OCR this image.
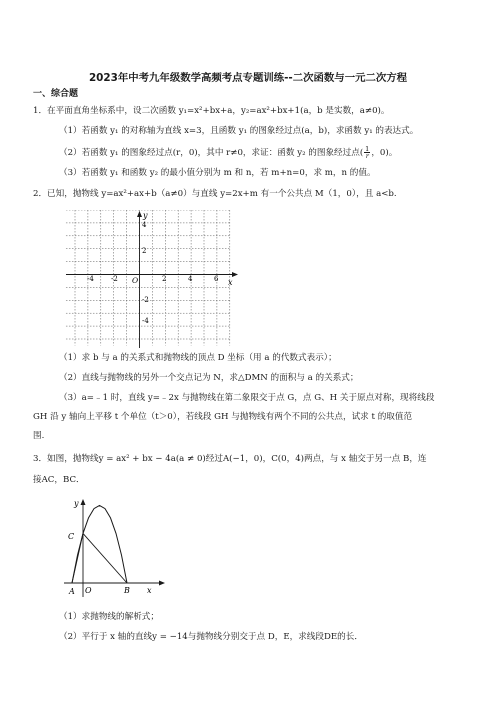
2023年中考九年级数学高频考点专题训练--二次函数与一元二次方程
一、综合题
1．在平面直角坐标系中，设二次函数 y₁=x²+bx+a，y₂=ax²+bx+1(a，b 是实数，a≠0)。
（1）若函数 y₁ 的对称轴为直线 x=3，且函数 y₁ 的图象经过点(a，b)，求函数 y₁ 的表达式。
（2）若函数 y₁ 的图象经过点(r，0)，其中 r≠0，求证：函数 y₂ 的图象经过点( $\frac{1}{r}$ ，0)。
（3）若函数 y₁ 和函数 y₂ 的最小值分别为 m 和 n，若 m+n=0，求 m，n 的值。
2．已知，抛物线 y=ax²+ax+b（a≠0）与直线 y=2x+m 有一个公共点 M（1，0），且 a<b.
x
y
O
-4 -2	2	4	6
4
2
-2
-4
（1）求 b 与 a 的关系式和抛物线的顶点 D 坐标（用 a 的代数式表示）；
（2）直线与抛物线的另外一个交点记为 N，求△DMN 的面积与 a 的关系式；
（3）a=﹣1 时，直线 y=﹣2x 与抛物线在第二象限交于点 G，点 G、H 关于原点对称，现将线段
GH 沿 y 轴向上平移 t 个单位（t＞0），若线段 GH 与抛物线有两个不同的公共点，试求 t 的取值范
围.
3．如图，抛物线y = ax² + bx − 4a(a ≠ 0)经过A(−1，0)，C(0，4)两点，与 x 轴交于另一点 B，连
接AC，BC．
y
x
C
A O	B
（1）求抛物线的解析式；
（2）平行于 x 轴的直线y = −14与抛物线分别交于点 D，E，求线段DE的长．
